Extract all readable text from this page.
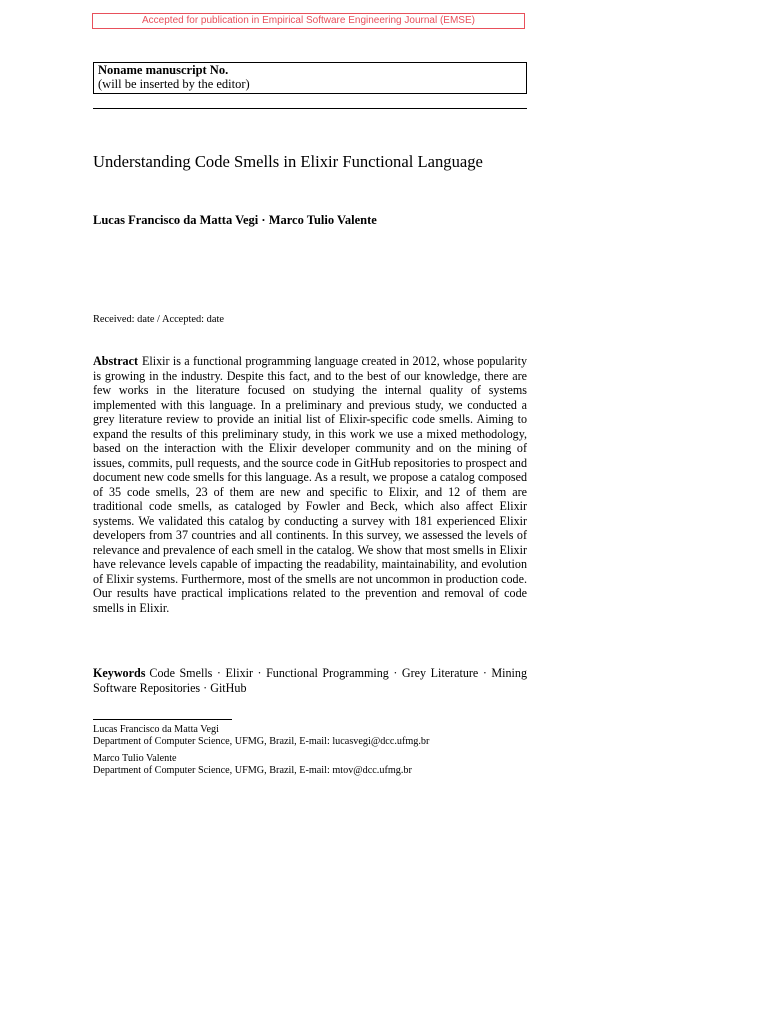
Accepted for publication in Empirical Software Engineering Journal (EMSE)
Noname manuscript No.
(will be inserted by the editor)
Understanding Code Smells in Elixir Functional Language
Lucas Francisco da Matta Vegi · Marco Tulio Valente
Received: date / Accepted: date

Abstract Elixir is a functional programming language created in 2012, whose popularity is growing in the industry. Despite this fact, and to the best of our knowledge, there are few works in the literature focused on studying the internal quality of systems implemented with this language. In a preliminary and previous study, we conducted a grey literature review to provide an initial list of Elixir-specific code smells. Aiming to expand the results of this preliminary study, in this work we use a mixed methodology, based on the interaction with the Elixir developer community and on the mining of issues, commits, pull requests, and the source code in GitHub repositories to prospect and document new code smells for this language. As a result, we propose a catalog composed of 35 code smells, 23 of them are new and specific to Elixir, and 12 of them are traditional code smells, as cataloged by Fowler and Beck, which also affect Elixir systems. We validated this catalog by conducting a survey with 181 experienced Elixir developers from 37 countries and all continents. In this survey, we assessed the levels of relevance and prevalence of each smell in the catalog. We show that most smells in Elixir have relevance levels capable of impacting the readability, maintainability, and evolution of Elixir systems. Furthermore, most of the smells are not uncommon in production code. Our results have practical implications related to the prevention and removal of code smells in Elixir.

Keywords Code Smells · Elixir · Functional Programming · Grey Literature · Mining Software Repositories · GitHub
Lucas Francisco da Matta Vegi
Department of Computer Science, UFMG, Brazil, E-mail: lucasvegi@dcc.ufmg.br
Marco Tulio Valente
Department of Computer Science, UFMG, Brazil, E-mail: mtov@dcc.ufmg.br
